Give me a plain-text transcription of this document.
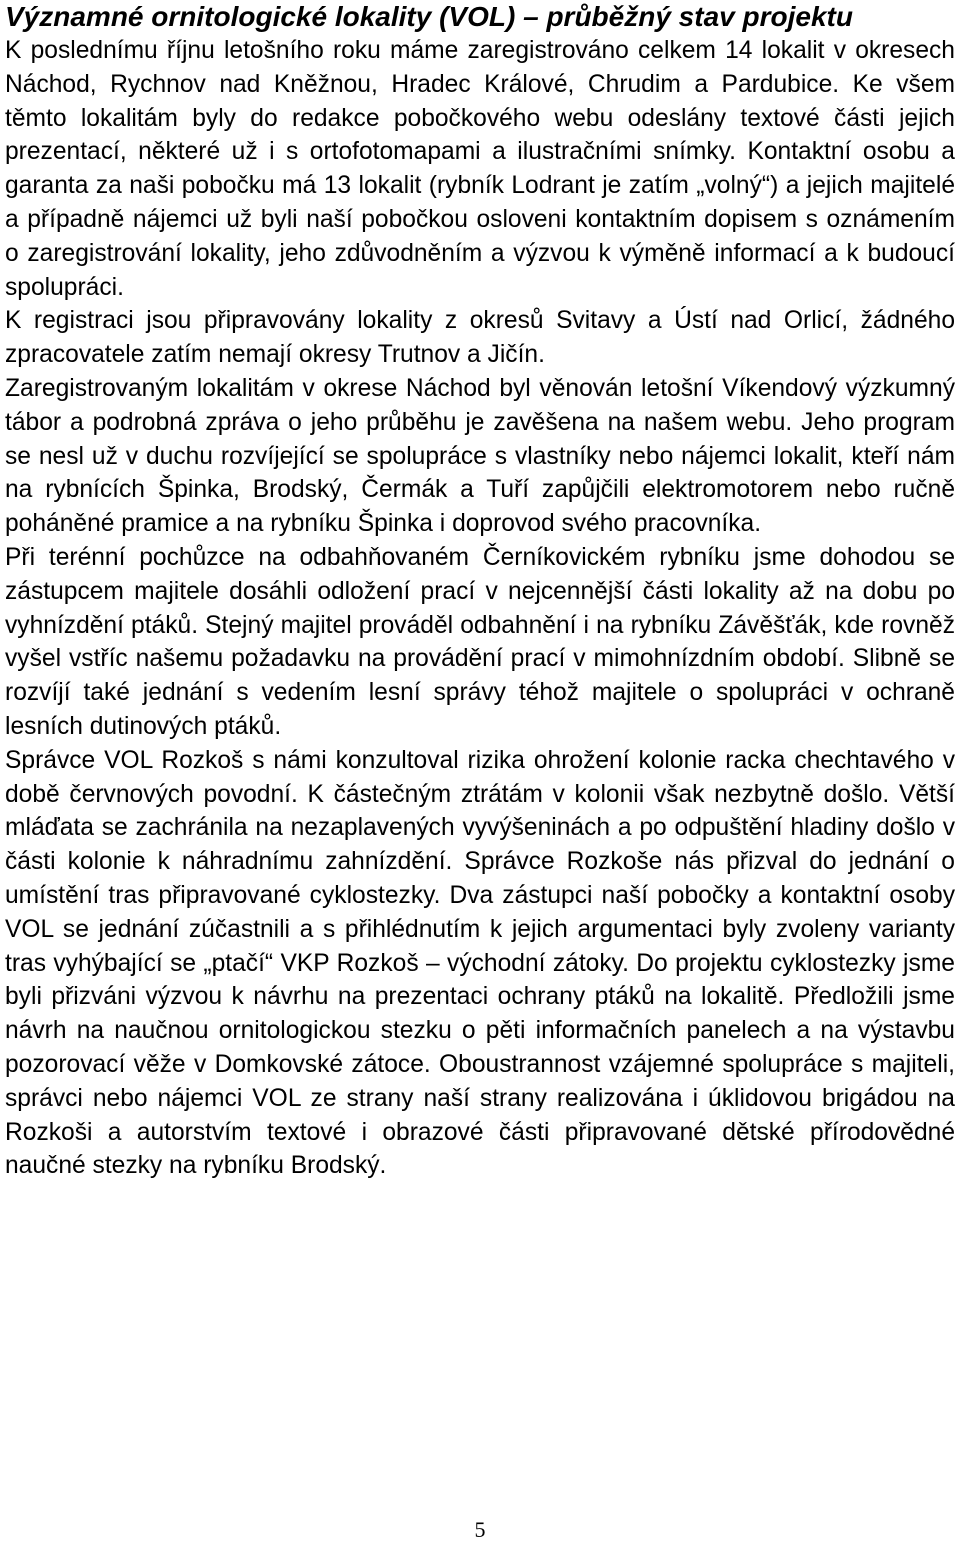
Významné ornitologické lokality (VOL) – průběžný stav projektu

K poslednímu říjnu letošního roku máme zaregistrováno celkem 14 lokalit v okresech Náchod, Rychnov nad Kněžnou, Hradec Králové, Chrudim a Pardubice. Ke všem těmto lokalitám byly do redakce pobočkového webu odeslány textové části jejich prezentací, některé už i s ortofotomapami a ilustračními snímky. Kontaktní osobu a garanta za naši pobočku má 13 lokalit (rybník Lodrant je zatím „volný“) a jejich majitelé a případně nájemci už byli naší pobočkou osloveni kontaktním dopisem s oznámením o zaregistrování lokality, jeho zdůvodněním a výzvou k výměně informací a k budoucí spolupráci.

K registraci jsou připravovány lokality z okresů Svitavy a Ústí nad Orlicí, žádného zpracovatele zatím nemají okresy Trutnov a Jičín.

Zaregistrovaným lokalitám v okrese Náchod byl věnován letošní Víkendový výzkumný tábor a podrobná zpráva o jeho průběhu je zavěšena na našem webu. Jeho program se nesl už v duchu rozvíjející se spolupráce s vlastníky nebo nájemci lokalit, kteří nám na rybnících Špinka, Brodský, Čermák a Tuří zapůjčili elektromotorem nebo ručně poháněné pramice a na rybníku Špinka i doprovod svého pracovníka.

Při terénní pochůzce na odbahňovaném Černíkovickém rybníku jsme dohodou se zástupcem majitele dosáhli odložení prací v nejcennější části lokality až na dobu po vyhnízdění ptáků. Stejný majitel prováděl odbahnění i na rybníku Závěšťák, kde rovněž vyšel vstříc našemu požadavku na provádění prací v mimohnízdním období. Slibně se rozvíjí také jednání s vedením lesní správy téhož majitele o spolupráci v ochraně lesních dutinových ptáků.

Správce VOL Rozkoš s námi konzultoval rizika ohrožení kolonie racka chechtavého v době červnových povodní. K částečným ztrátám v kolonii však nezbytně došlo. Větší mláďata se zachránila na nezaplavených vyvýšeninách a po odpuštění hladiny došlo v části kolonie k náhradnímu zahnízdění. Správce Rozkoše nás přizval do jednání o umístění tras připravované cyklostezky. Dva zástupci naší pobočky a kontaktní osoby VOL se jednání zúčastnili a s přihlédnutím k jejich argumentaci byly zvoleny varianty tras vyhýbající se „ptačí“ VKP Rozkoš – východní zátoky. Do projektu cyklostezky jsme byli přizváni výzvou k návrhu na prezentaci ochrany ptáků na lokalitě. Předložili jsme návrh na naučnou ornitologickou stezku o pěti informačních panelech a na výstavbu pozorovací věže v Domkovské zátoce. Oboustrannost vzájemné spolupráce s majiteli, správci nebo nájemci VOL ze strany naší strany realizována i úklidovou brigádou na Rozkoši a autorstvím textové i obrazové části připravované dětské přírodovědné naučné stezky na rybníku Brodský.

5
